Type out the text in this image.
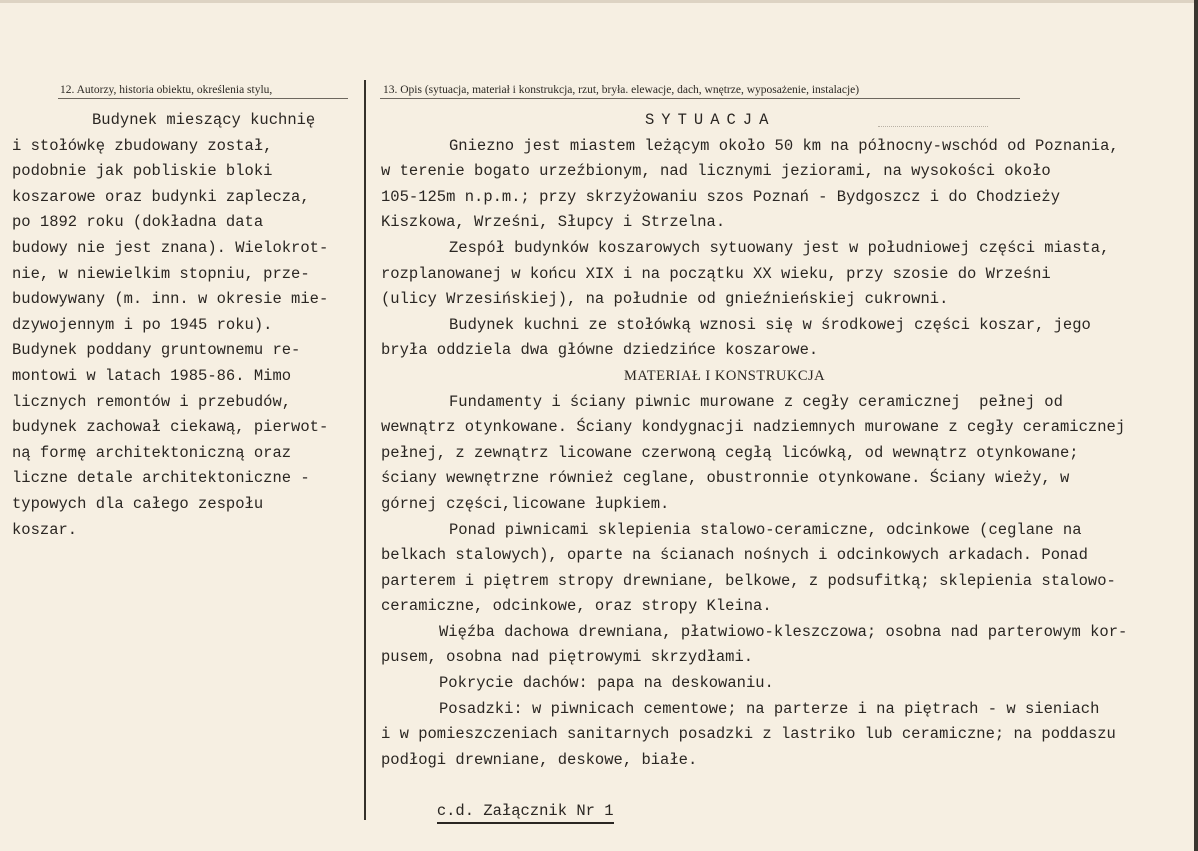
12. Autorzy, historia obiektu, określenia stylu,	13. Opis (sytuacja, materiał i konstrukcja, rzut, bryła. elewacje, dach, wnętrze, wyposażenie, instalacje)
Budynek mieszący kuchnię
i stołówkę zbudowany został,
podobnie jak pobliskie bloki
koszarowe oraz budynki zaplecza,
po 1892 roku (dokładna data
budowy nie jest znana). Wielokrot-
nie, w niewielkim stopniu, prze-
budowywany (m. inn. w okresie mie-
dzywojennym i po 1945 roku).
Budynek poddany gruntownemu re-
montowi w latach 1985-86. Mimo
licznych remontów i przebudów,
budynek zachował ciekawą, pierwot-
ną formę architektoniczną oraz
liczne detale architektoniczne -
typowych dla całego zespołu
koszar.
SYTUACJA
Gniezno jest miastem leżącym około 50 km na północny-wschód od Poznania,
w terenie bogato urzeźbionym, nad licznymi jeziorami, na wysokości około
105-125m n.p.m.; przy skrzyżowaniu szos Poznań - Bydgoszcz i do Chodzieży
Kiszkowa, Wrześni, Słupcy i Strzelna.
Zespół budynków koszarowych sytuowany jest w południowej części miasta,
rozplanowanej w końcu XIX i na początku XX wieku, przy szosie do Wrześni
(ulicy Wrzesińskiej), na południe od gnieźnieńskiej cukrowni.
Budynek kuchni ze stołówką wznosi się w środkowej części koszar, jego
bryła oddziela dwa główne dziedzińce koszarowe.
MATERIAŁ I KONSTRUKCJA
Fundamenty i ściany piwnic murowane z cegły ceramicznej  pełnej od
wewnątrz otynkowane. Ściany kondygnacji nadziemnych murowane z cegły ceramicznej
pełnej, z zewnątrz licowane czerwoną cegłą licówką, od wewnątrz otynkowane;
ściany wewnętrzne również ceglane, obustronnie otynkowane. Ściany wieży, w
górnej części,licowane łupkiem.
Ponad piwnicami sklepienia stalowo-ceramiczne, odcinkowe (ceglane na
belkach stalowych), oparte na ścianach nośnych i odcinkowych arkadach. Ponad
parterem i piętrem stropy drewniane, belkowe, z podsufitką; sklepienia stalowo-
ceramiczne, odcinkowe, oraz stropy Kleina.
Więźba dachowa drewniana, płatwiowo-kleszczowa; osobna nad parterowym kor-
pusem, osobna nad piętrowymi skrzydłami.
Pokrycie dachów: papa na deskowaniu.
Posadzki: w piwnicach cementowe; na parterze i na piętrach - w sieniach
i w pomieszczeniach sanitarnych posadzki z lastriko lub ceramiczne; na poddaszu
podłogi drewniane, deskowe, białe.

c.d. Załącznik Nr 1
